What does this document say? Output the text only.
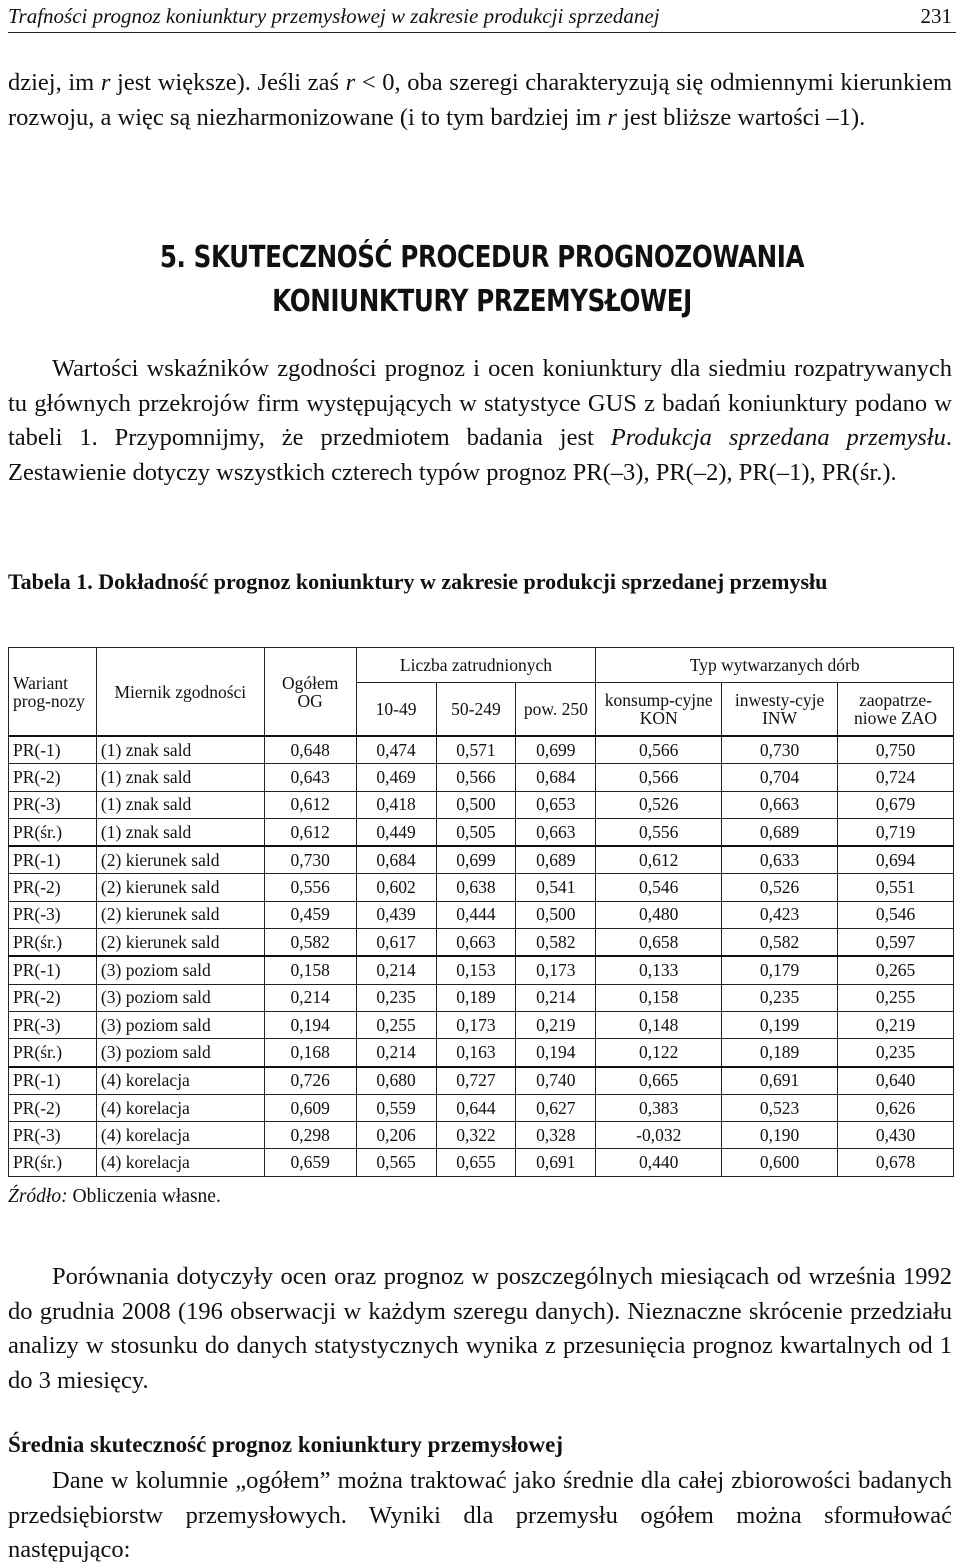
Trafności prognoz koniunktury przemysłowej w zakresie produkcji sprzedanej	231

dziej, im r jest większe). Jeśli zaś r < 0, oba szeregi charakteryzują się odmiennymi kierunkiem rozwoju, a więc są niezharmonizowane (i to tym bardziej im r jest bliższe wartości –1).

5. SKUTECZNOŚĆ PROCEDUR PROGNOZOWANIA
KONIUNKTURY PRZEMYSŁOWEJ

Wartości wskaźników zgodności prognoz i ocen koniunktury dla siedmiu rozpatrywanych tu głównych przekrojów firm występujących w statystyce GUS z badań koniunktury podano w tabeli 1. Przypomnijmy, że przedmiotem badania jest Produkcja sprzedana przemysłu. Zestawienie dotyczy wszystkich czterech typów prognoz PR(–3), PR(–2), PR(–1), PR(śr.).

Tabela 1. Dokładność prognoz koniunktury w zakresie produkcji sprzedanej przemysłu

Wariant prog-nozy	Miernik zgodności	Ogółem OG	Liczba zatrudnionych			Typ wytwarzanych dórb		
			10-49	50-249	pow. 250	konsump-cyjne KON	inwesty-cyje INW	zaopatrze-niowe ZAO
PR(-1)	(1) znak sald	0,648	0,474	0,571	0,699	0,566	0,730	0,750
PR(-2)	(1) znak sald	0,643	0,469	0,566	0,684	0,566	0,704	0,724
PR(-3)	(1) znak sald	0,612	0,418	0,500	0,653	0,526	0,663	0,679
PR(śr.)	(1) znak sald	0,612	0,449	0,505	0,663	0,556	0,689	0,719
PR(-1)	(2) kierunek sald	0,730	0,684	0,699	0,689	0,612	0,633	0,694
PR(-2)	(2) kierunek sald	0,556	0,602	0,638	0,541	0,546	0,526	0,551
PR(-3)	(2) kierunek sald	0,459	0,439	0,444	0,500	0,480	0,423	0,546
PR(śr.)	(2) kierunek sald	0,582	0,617	0,663	0,582	0,658	0,582	0,597
PR(-1)	(3) poziom sald	0,158	0,214	0,153	0,173	0,133	0,179	0,265
PR(-2)	(3) poziom sald	0,214	0,235	0,189	0,214	0,158	0,235	0,255
PR(-3)	(3) poziom sald	0,194	0,255	0,173	0,219	0,148	0,199	0,219
PR(śr.)	(3) poziom sald	0,168	0,214	0,163	0,194	0,122	0,189	0,235
PR(-1)	(4) korelacja	0,726	0,680	0,727	0,740	0,665	0,691	0,640
PR(-2)	(4) korelacja	0,609	0,559	0,644	0,627	0,383	0,523	0,626
PR(-3)	(4) korelacja	0,298	0,206	0,322	0,328	-0,032	0,190	0,430
PR(śr.)	(4) korelacja	0,659	0,565	0,655	0,691	0,440	0,600	0,678
Źródło: Obliczenia własne.

Porównania dotyczyły ocen oraz prognoz w poszczególnych miesiącach od września 1992 do grudnia 2008 (196 obserwacji w każdym szeregu danych). Nieznaczne skrócenie przedziału analizy w stosunku do danych statystycznych wynika z przesunięcia prognoz kwartalnych od 1 do 3 miesięcy.

Średnia skuteczność prognoz koniunktury przemysłowej

Dane w kolumnie „ogółem” można traktować jako średnie dla całej zbiorowości badanych przedsiębiorstw przemysłowych. Wyniki dla przemysłu ogółem można sformułować następująco:
